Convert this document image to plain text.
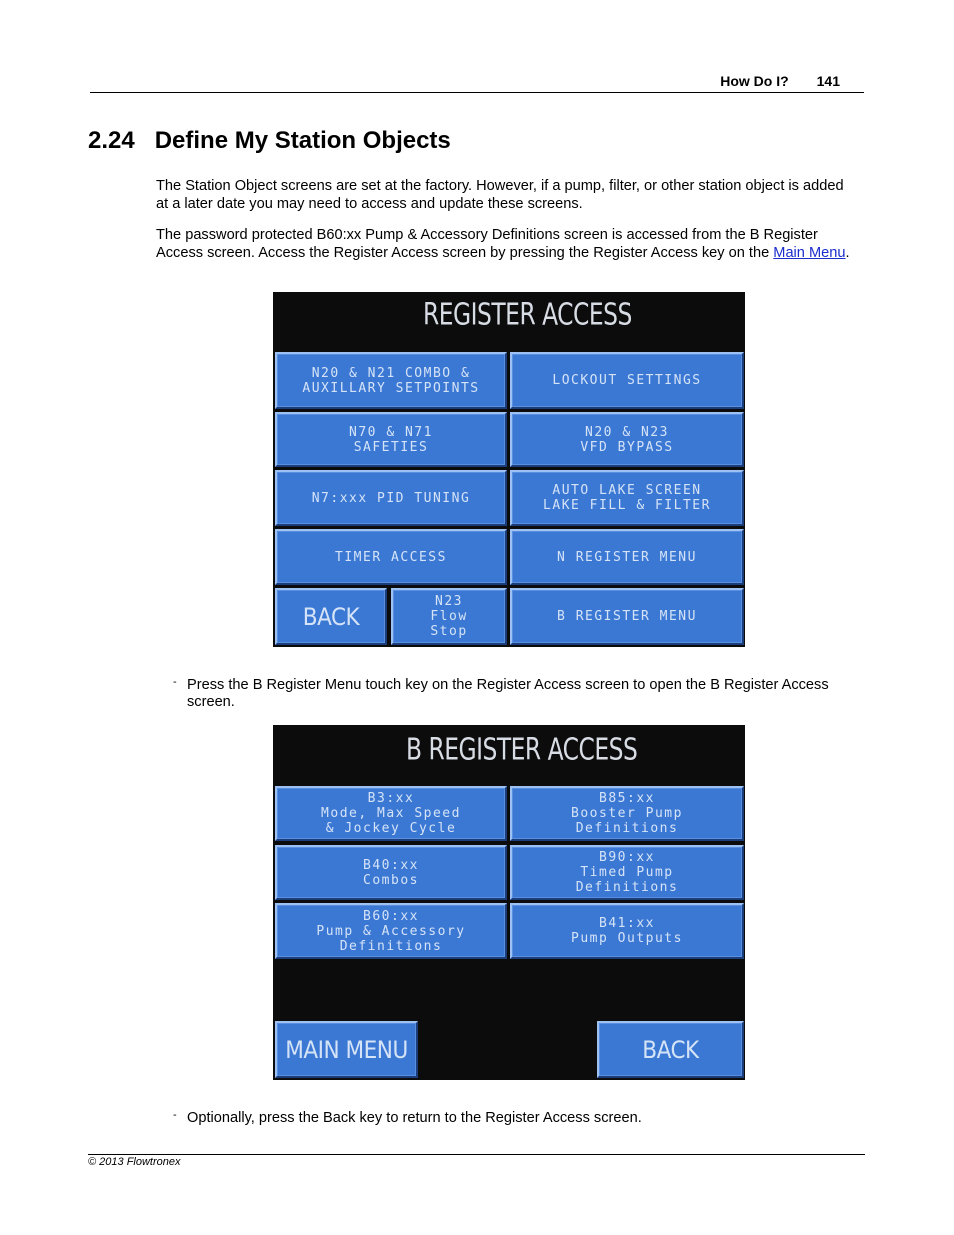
How Do I? 141
2.24 Define My Station Objects

The Station Object screens are set at the factory. However, if a pump, filter, or other station object is added at a later date you may need to access and update these screens.

The password protected B60:xx Pump & Accessory Definitions screen is accessed from the B Register Access screen. Access the Register Access screen by pressing the Register Access key on the Main Menu.

REGISTER ACCESS
N20 & N21 COMBO &
AUXILLARY SETPOINTS	LOCKOUT SETTINGS
N70 & N71
SAFETIES
N20 & N23
VFD BYPASS
N7:xxx PID TUNING	AUTO LAKE SCREEN
LAKE FILL & FILTER
TIMER ACCESS	N REGISTER MENU
BACK
N23
Flow
Stop
B REGISTER MENU
- Press the B Register Menu touch key on the Register Access screen to open the B Register Access screen.
B REGISTER ACCESS
B3:xx
Mode, Max Speed
& Jockey Cycle
B85:xx
Booster Pump
Definitions
B40:xx
Combos
B90:xx
Timed Pump
Definitions
B60:xx
Pump & Accessory
Definitions
B41:xx
Pump Outputs
MAIN MENU	BACK
- Optionally, press the Back key to return to the Register Access screen.
© 2013 Flowtronex
